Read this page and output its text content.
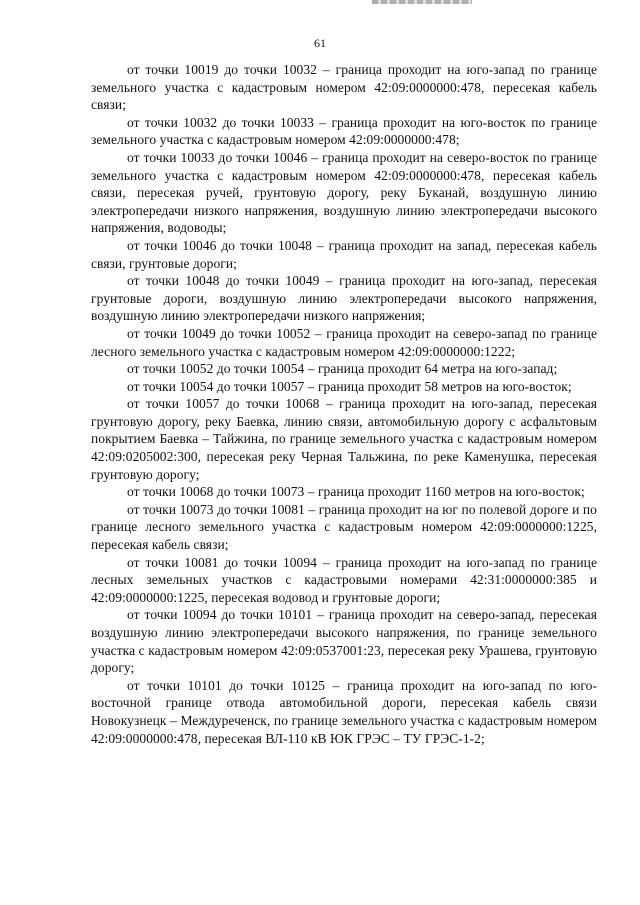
61

от точки 10019 до точки 10032 – граница проходит на юго-запад по границе земельного участка с кадастровым номером 42:09:0000000:478, пересекая кабель связи;

от точки 10032 до точки 10033 – граница проходит на юго-восток по границе земельного участка с кадастровым номером 42:09:0000000:478;

от точки 10033 до точки 10046 – граница проходит на северо-восток по границе земельного участка с кадастровым номером 42:09:0000000:478, пересекая кабель связи, пересекая ручей, грунтовую дорогу, реку Буканай, воздушную линию электропередачи низкого напряжения, воздушную линию электропередачи высокого напряжения, водоводы;

от точки 10046 до точки 10048 – граница проходит на запад, пересекая кабель связи, грунтовые дороги;

от точки 10048 до точки 10049 – граница проходит на юго-запад, пересекая грунтовые дороги, воздушную линию электропередачи высокого напряжения, воздушную линию электропередачи низкого напряжения;

от точки 10049 до точки 10052 – граница проходит на северо-запад по границе лесного земельного участка с кадастровым номером 42:09:0000000:1222;

от точки 10052 до точки 10054 – граница проходит 64 метра на юго-запад;

от точки 10054 до точки 10057 – граница проходит 58 метров на юго-восток;

от точки 10057 до точки 10068 – граница проходит на юго-запад, пересекая грунтовую дорогу, реку Баевка, линию связи, автомобильную дорогу с асфальтовым покрытием Баевка – Тайжина, по границе земельного участка с кадастровым номером 42:09:0205002:300, пересекая реку Черная Тальжина, по реке Каменушка, пересекая грунтовую дорогу;

от точки 10068 до точки 10073 – граница проходит 1160 метров на юго-восток;

от точки 10073 до точки 10081 – граница проходит на юг по полевой дороге и по границе лесного земельного участка с кадастровым номером 42:09:0000000:1225, пересекая кабель связи;

от точки 10081 до точки 10094 – граница проходит на юго-запад по границе лесных земельных участков с кадастровыми номерами 42:31:0000000:385 и 42:09:0000000:1225, пересекая водовод и грунтовые дороги;

от точки 10094 до точки 10101 – граница проходит на северо-запад, пересекая воздушную линию электропередачи высокого напряжения, по границе земельного участка с кадастровым номером 42:09:0537001:23, пересекая реку Урашева, грунтовую дорогу;

от точки 10101 до точки 10125 – граница проходит на юго-запад по юго-восточной границе отвода автомобильной дороги, пересекая кабель связи Новокузнецк – Междуреченск, по границе земельного участка с кадастровым номером 42:09:0000000:478, пересекая ВЛ-110 кВ ЮК ГРЭС – ТУ ГРЭС-1-2;
